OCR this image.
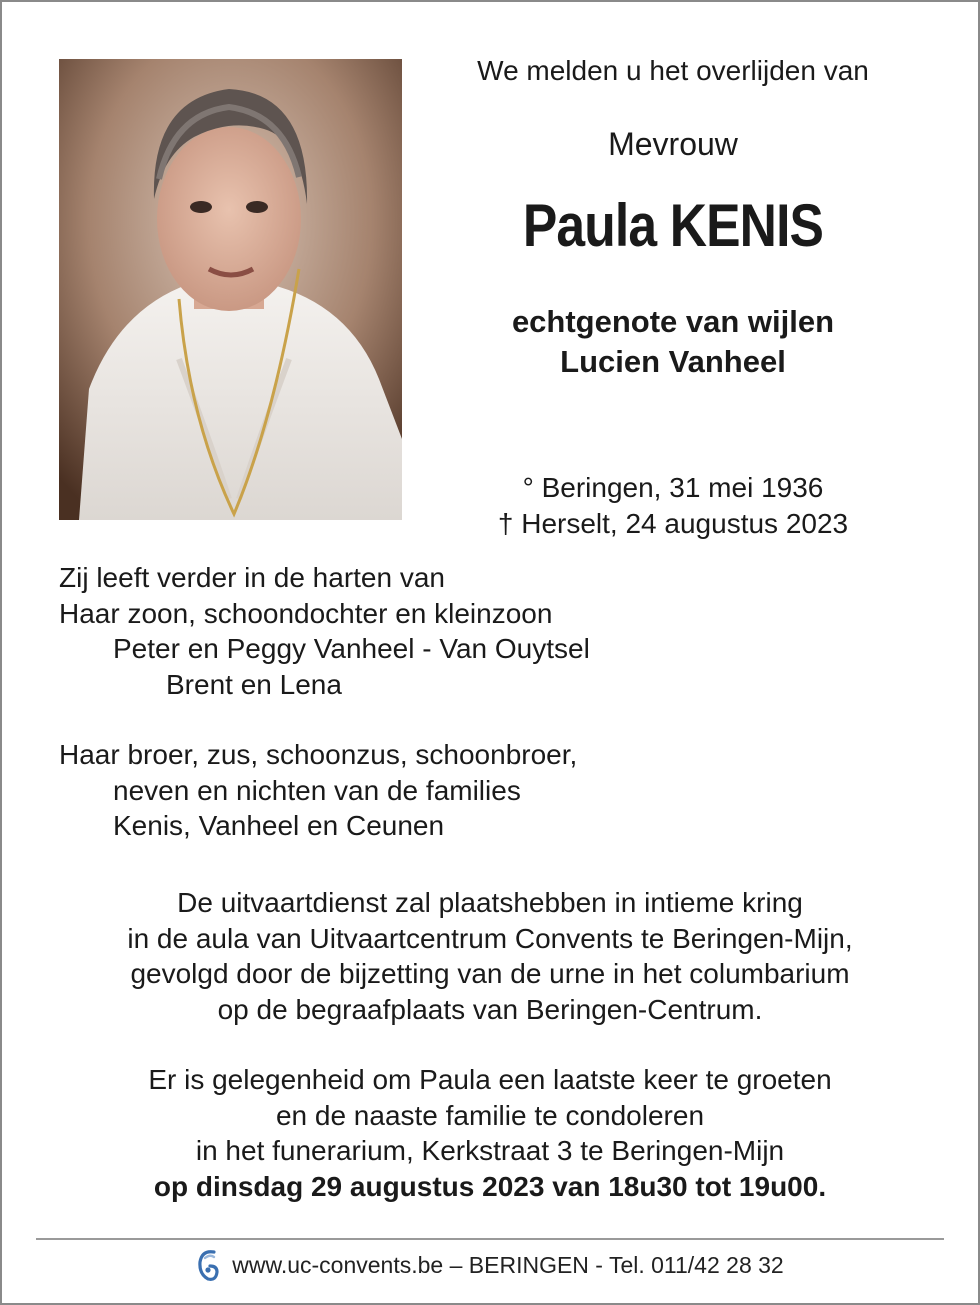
We melden u het overlijden van
Mevrouw
Paula KENIS
echtgenote van wijlen
Lucien Vanheel
° Beringen, 31 mei 1936
† Herselt, 24 augustus 2023
Zij leeft verder in de harten van
Haar zoon, schoondochter en kleinzoon
Peter en Peggy Vanheel - Van Ouytsel
Brent en Lena
Haar broer, zus, schoonzus, schoonbroer,
neven en nichten van de families
Kenis, Vanheel en Ceunen
De uitvaartdienst zal plaatshebben in intieme kring
in de aula van Uitvaartcentrum Convents te Beringen-Mijn,
gevolgd door de bijzetting van de urne in het columbarium
op de begraafplaats van Beringen-Centrum.
Er is gelegenheid om Paula een laatste keer te groeten
en de naaste familie te condoleren
in het funerarium, Kerkstraat 3 te Beringen-Mijn
op dinsdag 29 augustus 2023 van 18u30 tot 19u00.
www.uc-convents.be – BERINGEN - Tel. 011/42 28 32
